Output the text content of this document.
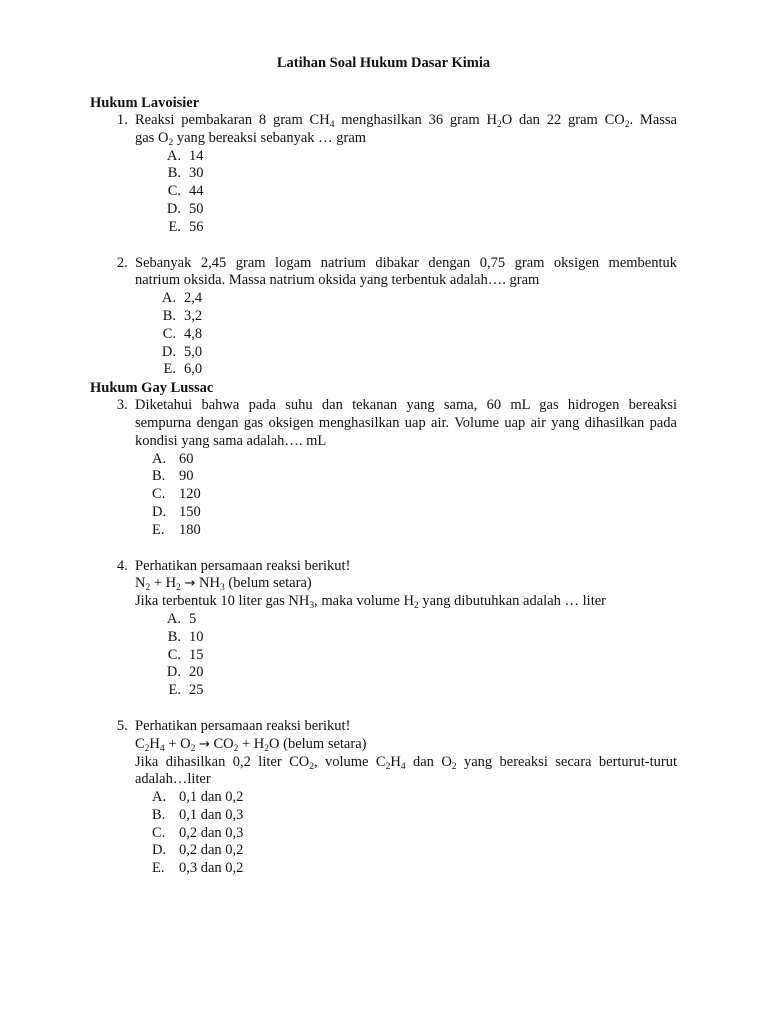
Latihan Soal Hukum Dasar Kimia
Hukum Lavoisier
1. Reaksi pembakaran 8 gram $CH_4$ menghasilkan 36 gram $H_2O$ dan 22 gram $CO_2$. Massa
gas $O_2$ yang bereaksi sebanyak … gram
A. 14
B. 30
C. 44
D. 50
E. 56
2. Sebanyak 2,45 gram logam natrium dibakar dengan 0,75 gram oksigen membentuk
natrium oksida. Massa natrium oksida yang terbentuk adalah…. gram
A. 2,4
B. 3,2
C. 4,8
D. 5,0
E. 6,0
Hukum Gay Lussac
3. Diketahui bahwa pada suhu dan tekanan yang sama, 60 mL gas hidrogen bereaksi
sempurna dengan gas oksigen menghasilkan uap air. Volume uap air yang dihasilkan pada
kondisi yang sama adalah…. mL
A. 60
B. 90
C. 120
D. 150
E.	180
4. Perhatikan persamaan reaksi berikut!
$N_2 + H_2 \to NH_3$ (belum setara)
Jika terbentuk 10 liter gas $NH_3$, maka volume $H_2$ yang dibutuhkan adalah … liter
A. 5
B. 10
C. 15
D. 20
E. 25
5. Perhatikan persamaan reaksi berikut!
$C_2H_4 + O_2 \to CO_2 + H_2O$ (belum setara)
Jika dihasilkan 0,2 liter $CO_2$, volume $C_2H_4$ dan $O_2$ yang bereaksi secara berturut-turut
adalah…liter
A. 0,1 dan 0,2
B. 0,1 dan 0,3
C. 0,2 dan 0,3
D. 0,2 dan 0,2
E.	0,3 dan 0,2
